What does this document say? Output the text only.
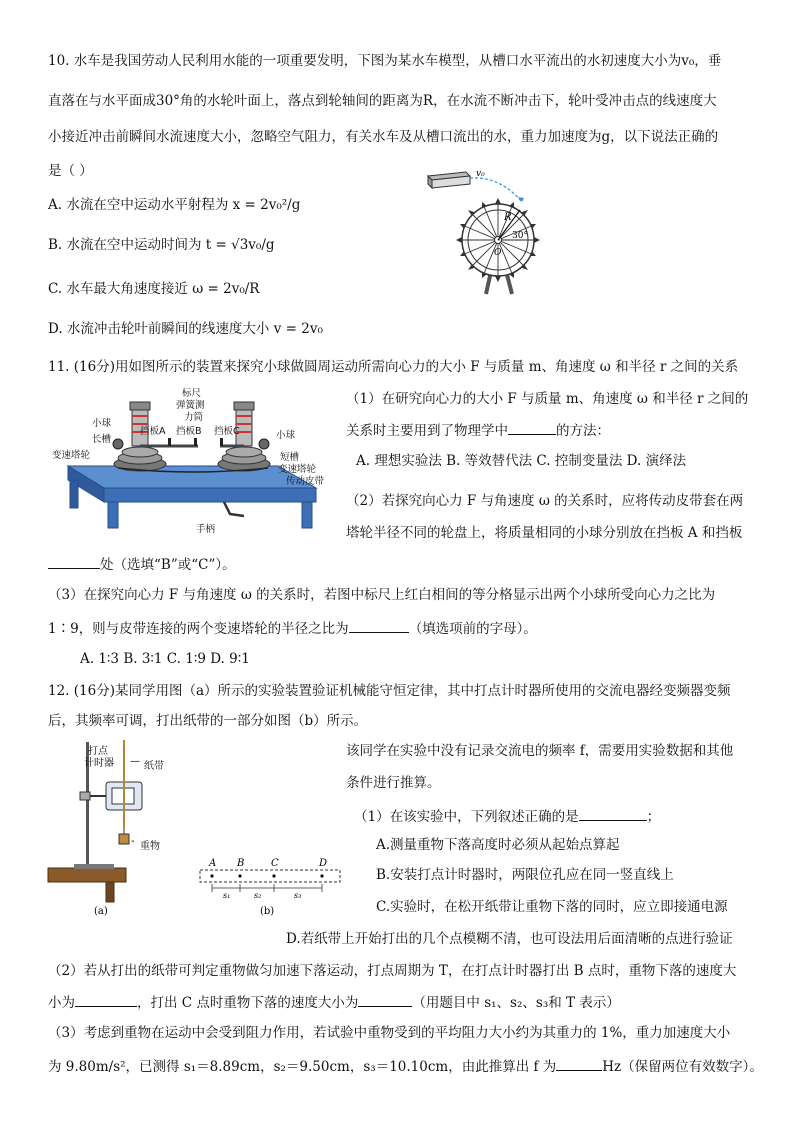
10. 水车是我国劳动人民利用水能的一项重要发明，下图为某水车模型，从槽口水平流出的水初速度大小为v₀，垂
直落在与水平面成30°角的水轮叶面上，落点到轮轴间的距离为R，在水流不断冲击下，轮叶受冲击点的线速度大
小接近冲击前瞬间水流速度大小，忽略空气阻力，有关水车及从槽口流出的水，重力加速度为g，以下说法正确的
是（ ）
A. 水流在空中运动水平射程为 x = 2v₀²/g
B. 水流在空中运动时间为 t = √3v₀/g
C. 水车最大角速度接近 ω = 2v₀/R
D. 水流冲击轮叶前瞬间的线速度大小 v = 2v₀
v₀
R
30°
O
11. (16分)用如图所示的装置来探究小球做圆周运动所需向心力的大小 F 与质量 m、角速度 ω 和半径 r 之间的关系
标尺
弹簧测
力筒
小球
长槽
变速塔轮
挡板A 挡板B 挡板C	小球
短槽
变速塔轮
传动皮带
手柄
（1）在研究向心力的大小 F 与质量 m、角速度 ω 和半径 r 之间的
关系时主要用到了物理学中	的方法：
A. 理想实验法 B. 等效替代法 C. 控制变量法 D. 演绎法
（2）若探究向心力 F 与角速度 ω 的关系时，应将传动皮带套在两
塔轮半径不同的轮盘上，将质量相同的小球分别放在挡板 A 和挡板
处（选填“B”或“C”）。
（3）在探究向心力 F 与角速度 ω 的关系时，若图中标尺上红白相间的等分格显示出两个小球所受向心力之比为
1∶9，则与皮带连接的两个变速塔轮的半径之比为	（填选项前的字母）。
A. 1∶3 B. 3∶1 C. 1∶9 D. 9∶1
12. (16分)某同学用图（a）所示的实验装置验证机械能守恒定律，其中打点计时器所使用的交流电器经变频器变频
后，其频率可调，打出纸带的一部分如图（b）所示。
打点
计时器 —
-
(a)
纸带
重物
A B	C	D
s₁	s₂	s₃
(b)
该同学在实验中没有记录交流电的频率 f，需要用实验数据和其他
条件进行推算。
（1）在该实验中，下列叙述正确的是	；
A.测量重物下落高度时必须从起始点算起
B.安装打点计时器时，两限位孔应在同一竖直线上
C.实验时，在松开纸带让重物下落的同时，应立即接通电源
D.若纸带上开始打出的几个点模糊不清，也可设法用后面清晰的点进行验证
（2）若从打出的纸带可判定重物做匀加速下落运动，打点周期为 T，在打点计时器打出 B 点时，重物下落的速度大
小为	，打出 C 点时重物下落的速度大小为	（用题目中 s₁、s₂、s₃和 T 表示）
（3）考虑到重物在运动中会受到阻力作用，若试验中重物受到的平均阻力大小约为其重力的 1%，重力加速度大小
为 9.80m/s²，已测得 s₁＝8.89cm，s₂＝9.50cm，s₃＝10.10cm，由此推算出 f 为	Hz（保留两位有效数字）。
